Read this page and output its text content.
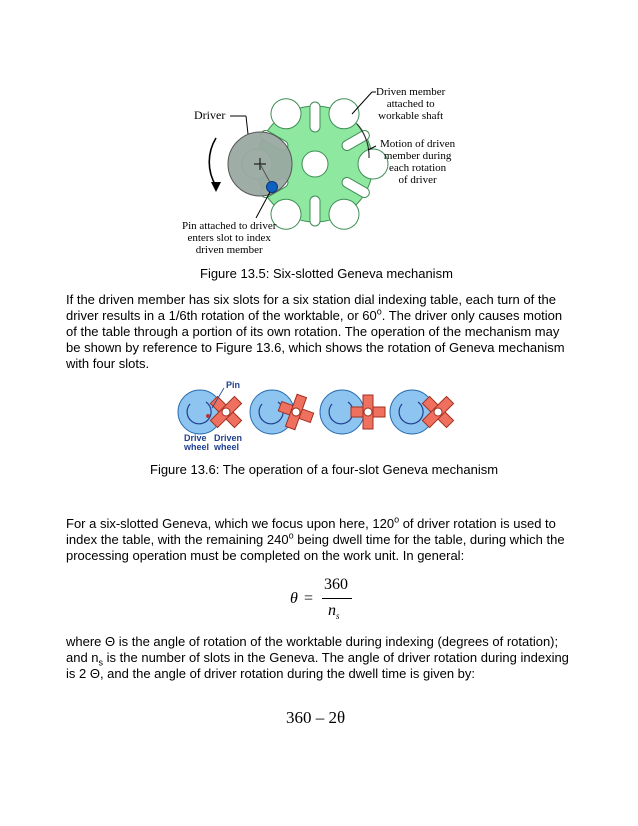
Driver
Driven member
attached to
workable shaft
Motion of driven
member during
each rotation
of driver
Pin attached to driver
enters slot to index
driven member
Figure 13.5: Six-slotted Geneva mechanism

If the driven member has six slots for a six station dial indexing table, each turn of the driver results in a 1/6th rotation of the worktable, or 60$^o$. The driver only causes motion of the table through a portion of its own rotation. The operation of the mechanism may be shown by reference to Figure 13.6, which shows the rotation of Geneva mechanism with four slots.

Pin
Drive
wheel
Driven
wheel
Figure 13.6: The operation of a four-slot Geneva mechanism

For a six-slotted Geneva, which we focus upon here, 120$^o$ of driver rotation is used to index the table, with the remaining 240$^o$ being dwell time for the table, during which the processing operation must be completed on the work unit. In general:

θ =
360
$n_s$

where Θ is the angle of rotation of the worktable during indexing (degrees of rotation); and $n_s$ is the number of slots in the Geneva. The angle of driver rotation during indexing is 2 Θ, and the angle of driver rotation during the dwell time is given by:

360 – 2θ
